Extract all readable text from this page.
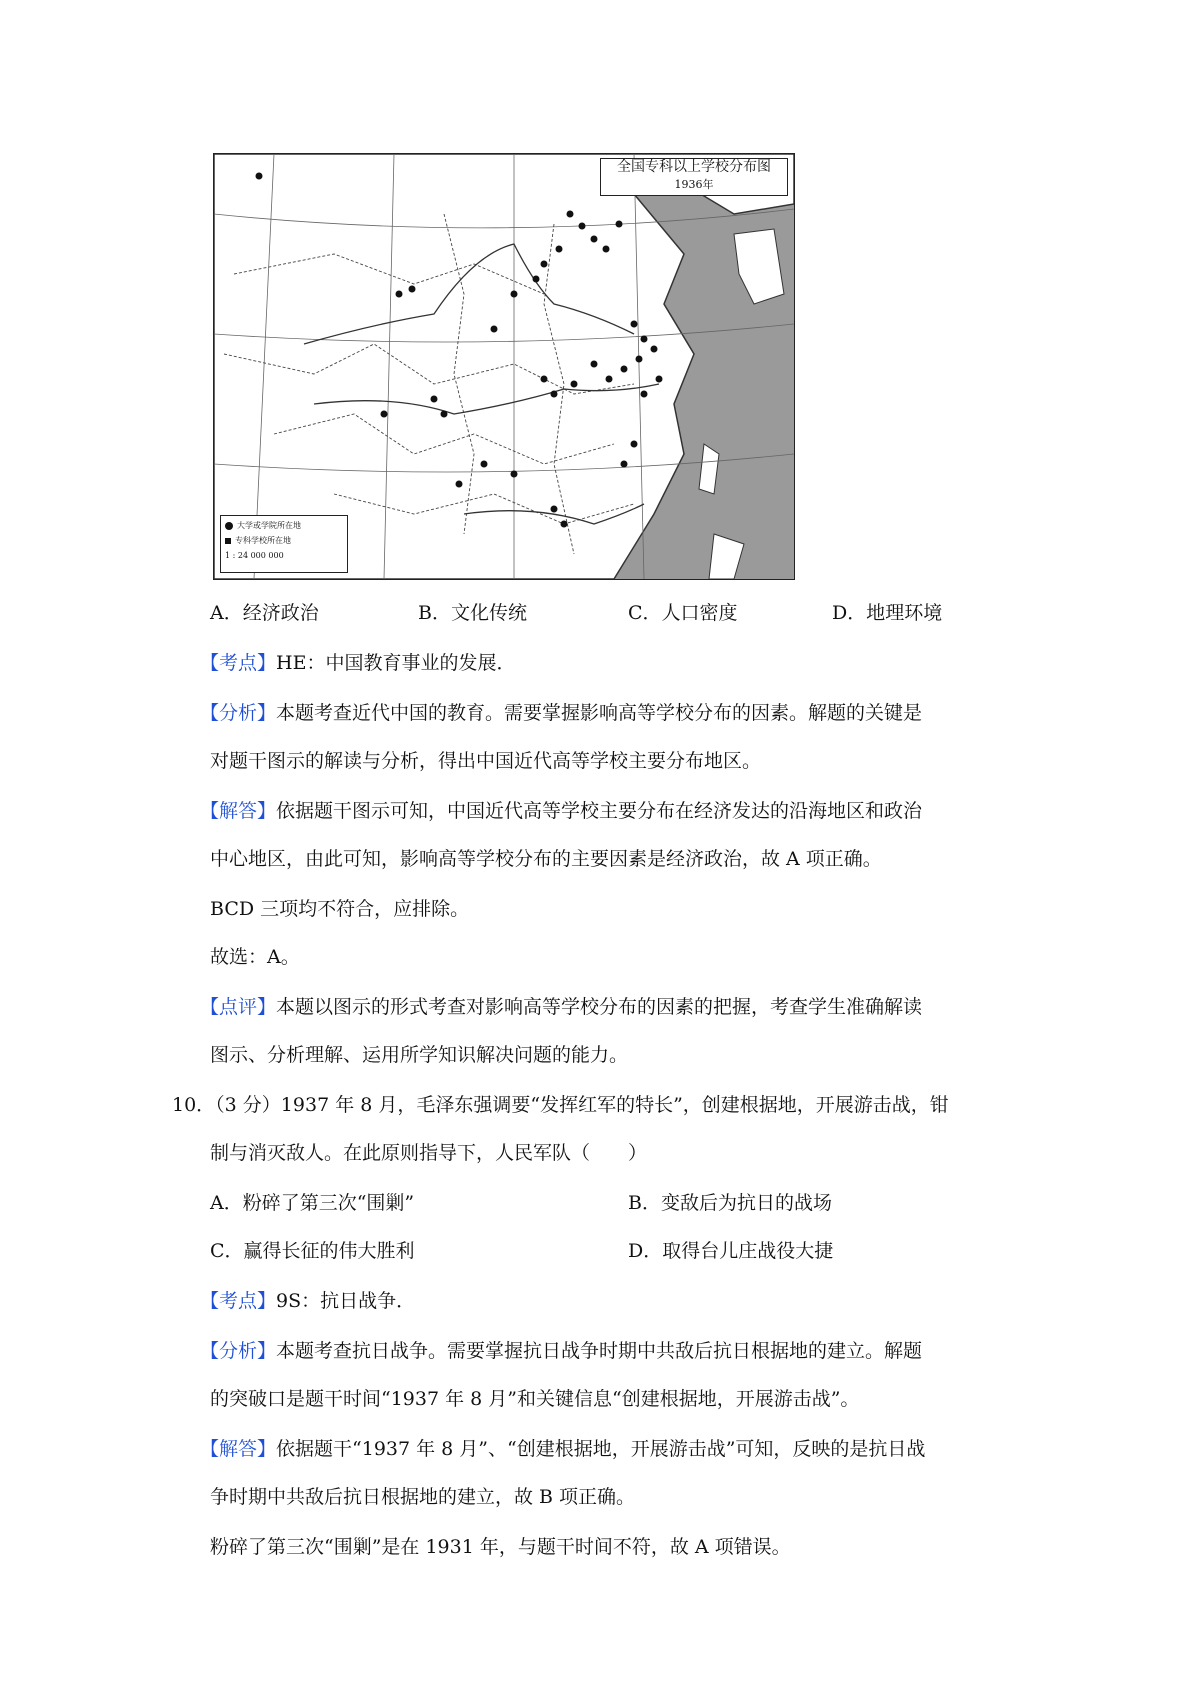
全国专科以上学校分布图
1936年
大学或学院所在地
专科学校所在地
1 : 24 000 000
A．经济政治	B．文化传统	C．人口密度	D．地理环境
【考点】HE：中国教育事业的发展．
【分析】本题考查近代中国的教育。需要掌握影响高等学校分布的因素。解题的关键是
对题干图示的解读与分析，得出中国近代高等学校主要分布地区。
【解答】依据题干图示可知，中国近代高等学校主要分布在经济发达的沿海地区和政治
中心地区，由此可知，影响高等学校分布的主要因素是经济政治，故 A 项正确。
BCD 三项均不符合，应排除。
故选：A。
【点评】本题以图示的形式考查对影响高等学校分布的因素的把握，考查学生准确解读
图示、分析理解、运用所学知识解决问题的能力。
10．（3 分）1937 年 8 月，毛泽东强调要“发挥红军的特长”，创建根据地，开展游击战，钳
制与消灭敌人。在此原则指导下，人民军队（　　）
A．粉碎了第三次“围剿”	B．变敌后为抗日的战场
C．赢得长征的伟大胜利	D．取得台儿庄战役大捷
【考点】9S：抗日战争．
【分析】本题考查抗日战争。需要掌握抗日战争时期中共敌后抗日根据地的建立。解题
的突破口是题干时间“1937 年 8 月”和关键信息“创建根据地，开展游击战”。
【解答】依据题干“1937 年 8 月”、“创建根据地，开展游击战”可知，反映的是抗日战
争时期中共敌后抗日根据地的建立，故 B 项正确。
粉碎了第三次“围剿”是在 1931 年，与题干时间不符，故 A 项错误。
